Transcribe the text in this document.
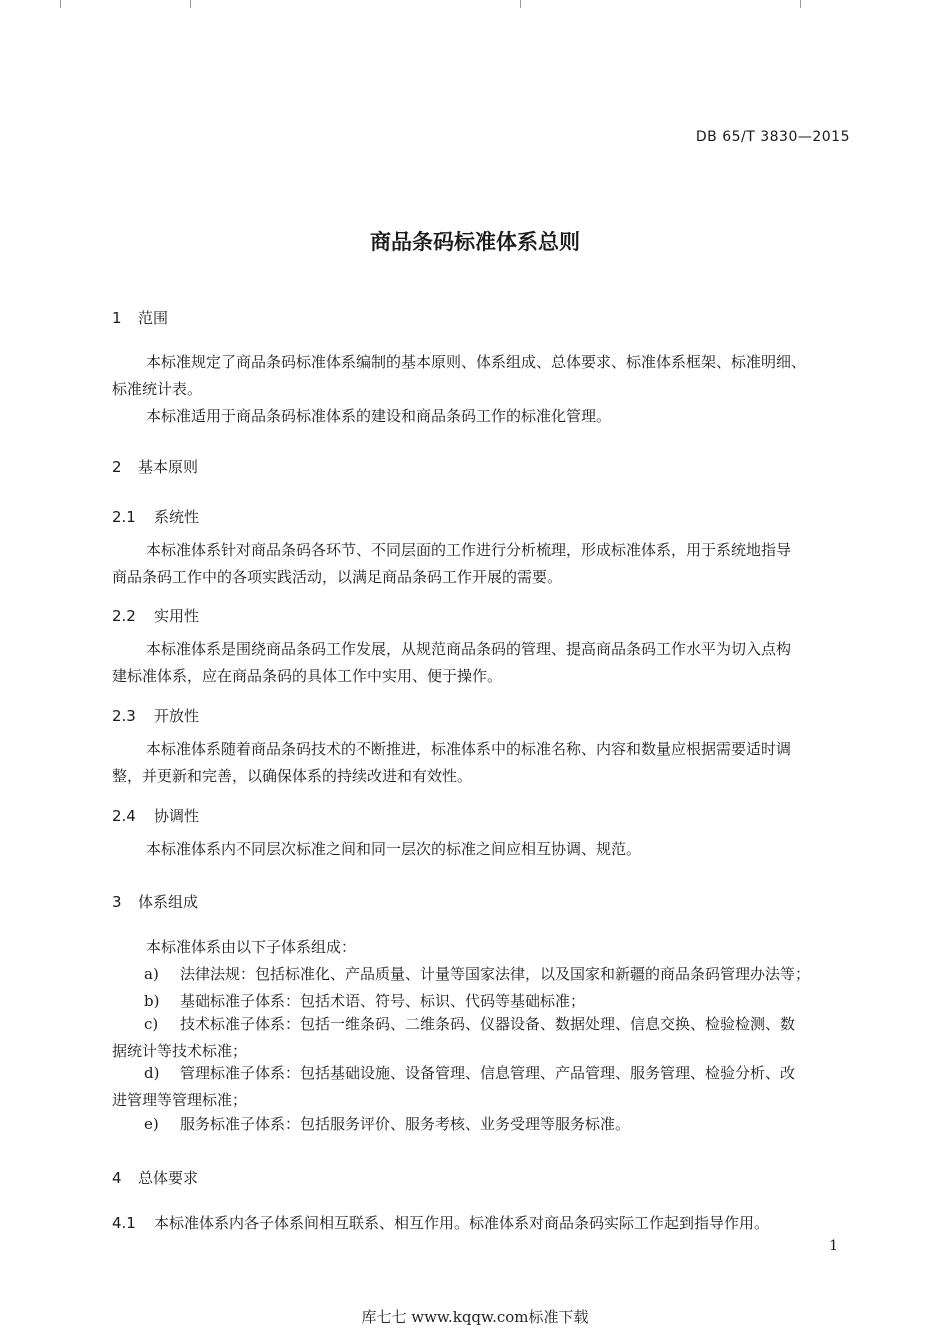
DB 65/T 3830—2015
商品条码标准体系总则
1 范围
本标准规定了商品条码标准体系编制的基本原则、体系组成、总体要求、标准体系框架、标准明细、
标准统计表。
本标准适用于商品条码标准体系的建设和商品条码工作的标准化管理。
2 基本原则
2.1 系统性
本标准体系针对商品条码各环节、不同层面的工作进行分析梳理，形成标准体系，用于系统地指导
商品条码工作中的各项实践活动，以满足商品条码工作开展的需要。
2.2 实用性
本标准体系是围绕商品条码工作发展，从规范商品条码的管理、提高商品条码工作水平为切入点构
建标准体系，应在商品条码的具体工作中实用、便于操作。
2.3 开放性
本标准体系随着商品条码技术的不断推进，标准体系中的标准名称、内容和数量应根据需要适时调
整，并更新和完善，以确保体系的持续改进和有效性。
2.4 协调性
本标准体系内不同层次标准之间和同一层次的标准之间应相互协调、规范。
3 体系组成
本标准体系由以下子体系组成：
a) 法律法规：包括标准化、产品质量、计量等国家法律，以及国家和新疆的商品条码管理办法等；
b) 基础标准子体系：包括术语、符号、标识、代码等基础标准；
c) 技术标准子体系：包括一维条码、二维条码、仪器设备、数据处理、信息交换、检验检测、数
据统计等技术标准；
d) 管理标准子体系：包括基础设施、设备管理、信息管理、产品管理、服务管理、检验分析、改
进管理等管理标准；
e) 服务标准子体系：包括服务评价、服务考核、业务受理等服务标准。
4 总体要求
4.1 本标准体系内各子体系间相互联系、相互作用。标准体系对商品条码实际工作起到指导作用。
1
库七七 www.kqqw.com标准下载
